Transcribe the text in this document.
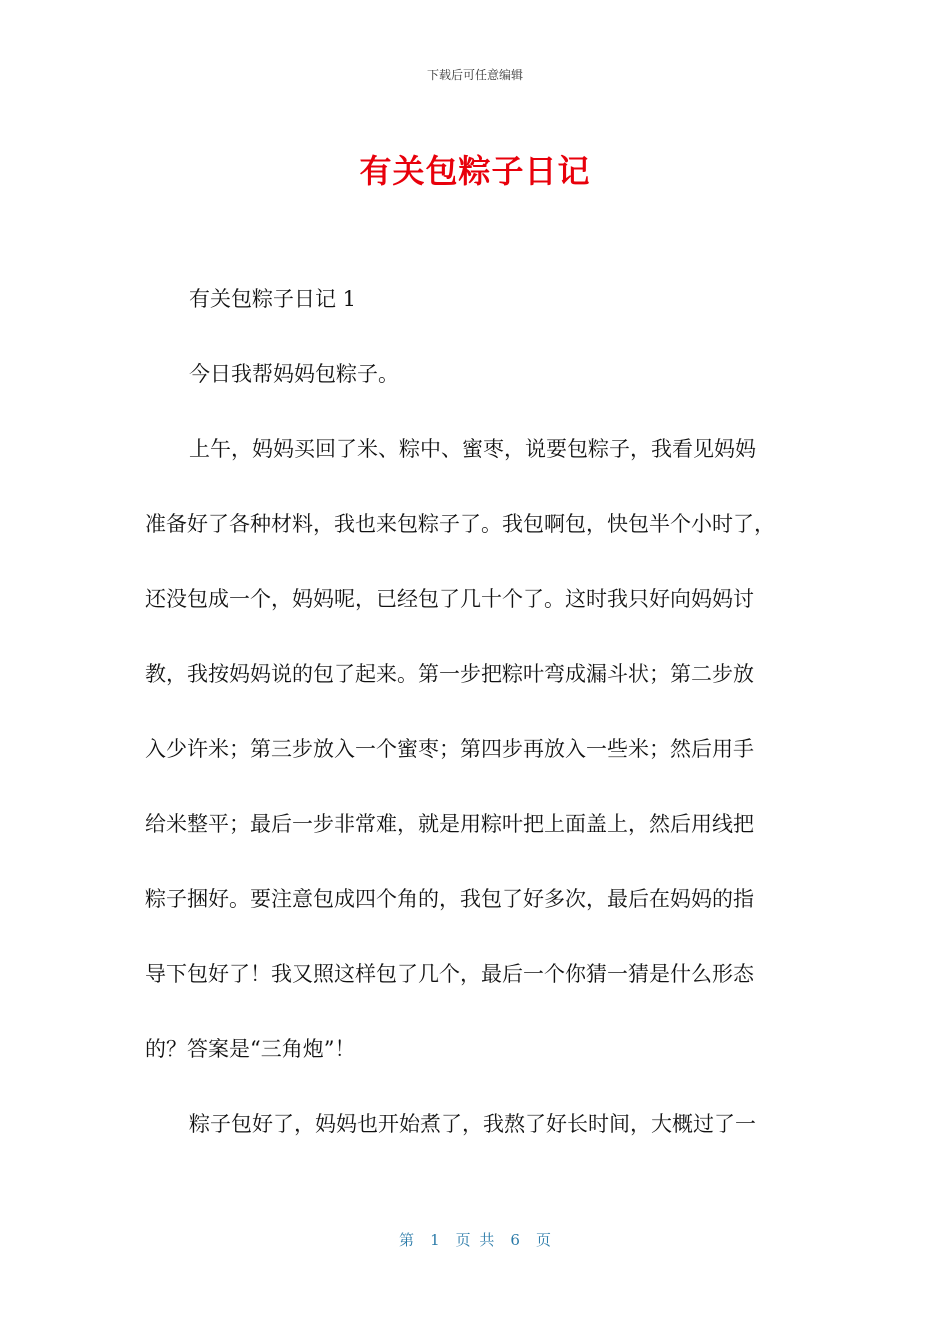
下载后可任意编辑
有关包粽子日记
有关包粽子日记 1
今日我帮妈妈包粽子。
上午，妈妈买回了米、粽中、蜜枣，说要包粽子，我看见妈妈
准备好了各种材料，我也来包粽子了。我包啊包，快包半个小时了，
还没包成一个，妈妈呢，已经包了几十个了。这时我只好向妈妈讨
教，我按妈妈说的包了起来。第一步把粽叶弯成漏斗状；第二步放
入少许米；第三步放入一个蜜枣；第四步再放入一些米；然后用手
给米整平；最后一步非常难，就是用粽叶把上面盖上，然后用线把
粽子捆好。要注意包成四个角的，我包了好多次，最后在妈妈的指
导下包好了！我又照这样包了几个，最后一个你猜一猜是什么形态
的？答案是“三角炮”！
粽子包好了，妈妈也开始煮了，我熬了好长时间，大概过了一
第 1 页 共 6 页
